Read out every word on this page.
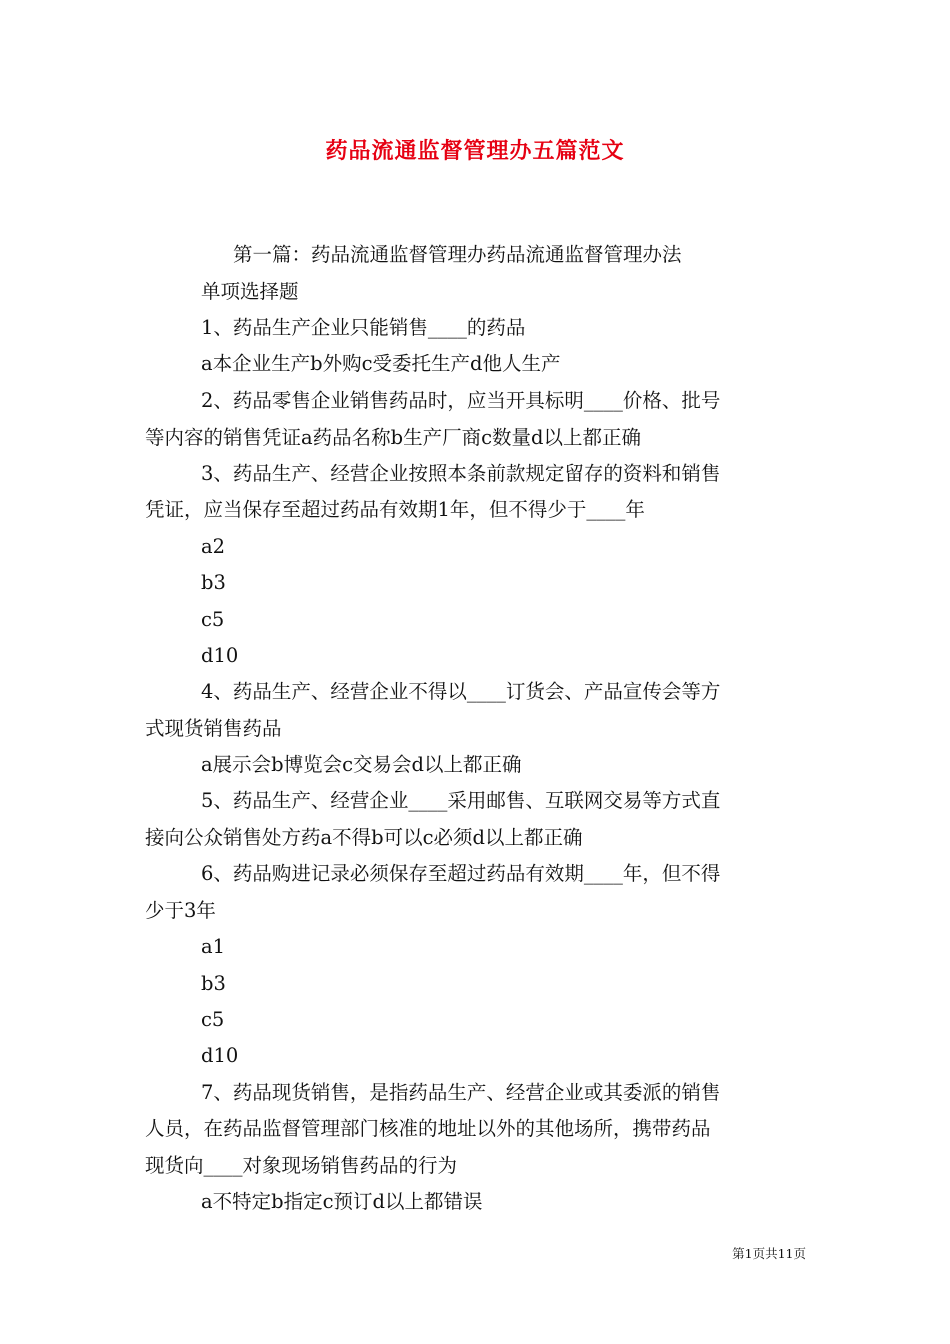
药品流通监督管理办五篇范文
第一篇：药品流通监督管理办药品流通监督管理办法
单项选择题
1、药品生产企业只能销售____的药品
a本企业生产b外购c受委托生产d他人生产
2、药品零售企业销售药品时，应当开具标明____价格、批号
等内容的销售凭证a药品名称b生产厂商c数量d以上都正确
3、药品生产、经营企业按照本条前款规定留存的资料和销售
凭证，应当保存至超过药品有效期1年，但不得少于____年
a2
b3
c5
d10
4、药品生产、经营企业不得以____订货会、产品宣传会等方
式现货销售药品
a展示会b博览会c交易会d以上都正确
5、药品生产、经营企业____采用邮售、互联网交易等方式直
接向公众销售处方药a不得b可以c必须d以上都正确
6、药品购进记录必须保存至超过药品有效期____年，但不得
少于3年
a1
b3
c5
d10
7、药品现货销售，是指药品生产、经营企业或其委派的销售
人员，在药品监督管理部门核准的地址以外的其他场所，携带药品
现货向____对象现场销售药品的行为
a不特定b指定c预订d以上都错误
第1页共11页
